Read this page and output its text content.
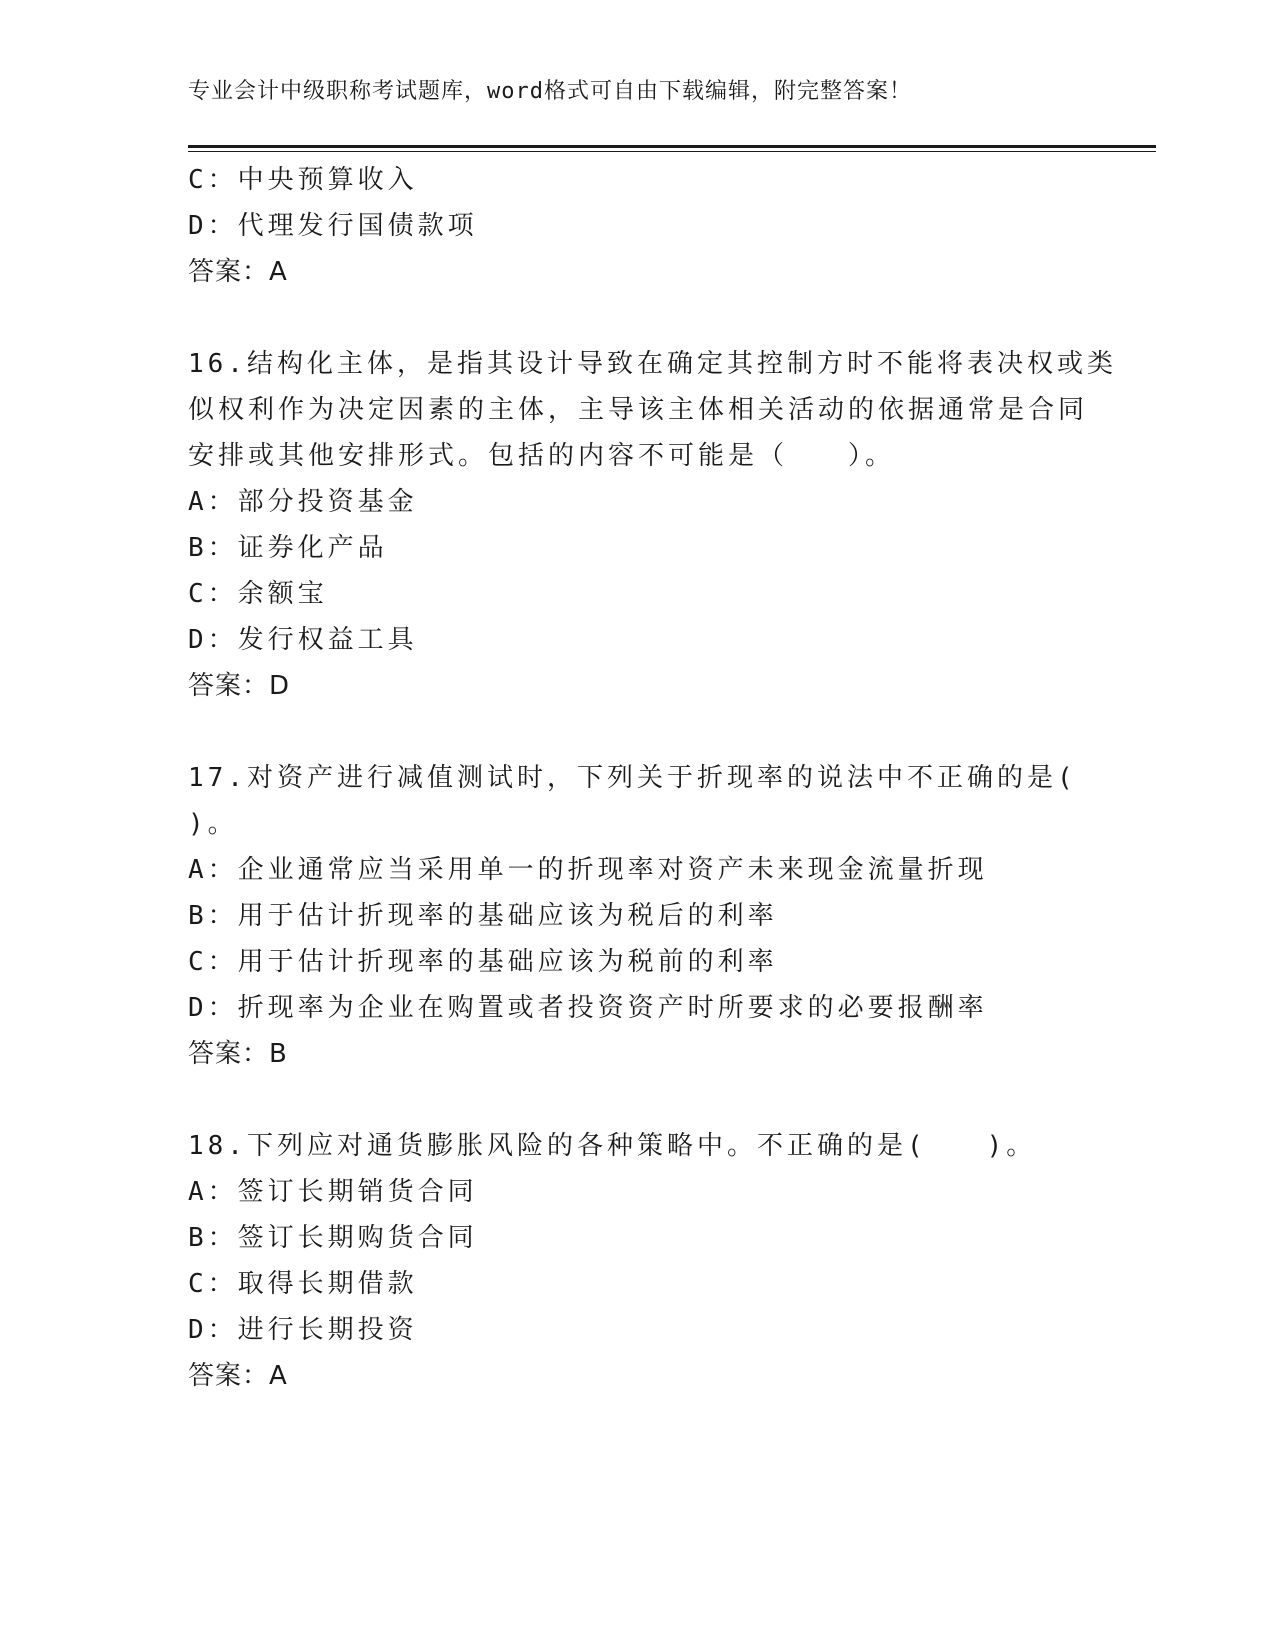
专业会计中级职称考试题库，word格式可自由下载编辑，附完整答案！
C：中央预算收入
D：代理发行国债款项
答案：A
16.结构化主体，是指其设计导致在确定其控制方时不能将表决权或类
似权利作为决定因素的主体，主导该主体相关活动的依据通常是合同
安排或其他安排形式。包括的内容不可能是（　　）。
A：部分投资基金
B：证券化产品
C：余额宝
D：发行权益工具
答案：D
17.对资产进行减值测试时，下列关于折现率的说法中不正确的是(
)。
A：企业通常应当采用单一的折现率对资产未来现金流量折现
B：用于估计折现率的基础应该为税后的利率
C：用于估计折现率的基础应该为税前的利率
D：折现率为企业在购置或者投资资产时所要求的必要报酬率
答案：B
18.下列应对通货膨胀风险的各种策略中。不正确的是(　　)。
A：签订长期销货合同
B：签订长期购货合同
C：取得长期借款
D：进行长期投资
答案：A
